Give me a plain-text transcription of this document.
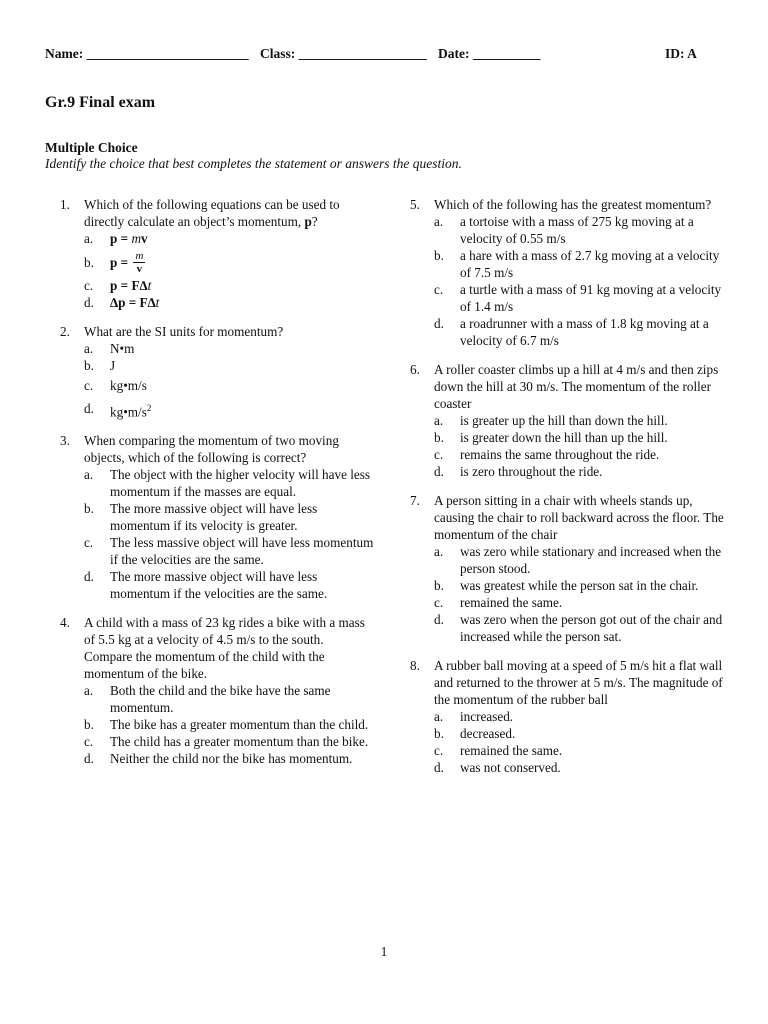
Name: ________________________ Class: ___________________ Date: __________	ID: A
Gr.9 Final exam
Multiple Choice
Identify the choice that best completes the statement or answers the question.
1. Which of the following equations can be used to directly calculate an object’s momentum, p?
a. p = mv
b. $p = \frac{m}{v}$
c. p = F∆t
d. ∆p = F∆t
2. What are the SI units for momentum?
a. N•m
b. J
c. kg•m/s
d. $kg•m/s^2$
3. When comparing the momentum of two moving objects, which of the following is correct?
a. The object with the higher velocity will have less momentum if the masses are equal.
b. The more massive object will have less momentum if its velocity is greater.
c. The less massive object will have less momentum if the velocities are the same.
d. The more massive object will have less momentum if the velocities are the same.
4. A child with a mass of 23 kg rides a bike with a mass of 5.5 kg at a velocity of 4.5 m/s to the south. Compare the momentum of the child with the momentum of the bike.
a. Both the child and the bike have the same momentum.
b. The bike has a greater momentum than the child.
c. The child has a greater momentum than the bike.
d. Neither the child nor the bike has momentum.
5. Which of the following has the greatest momentum?
a. a tortoise with a mass of 275 kg moving at a velocity of 0.55 m/s
b. a hare with a mass of 2.7 kg moving at a velocity of 7.5 m/s
c. a turtle with a mass of 91 kg moving at a velocity of 1.4 m/s
d. a roadrunner with a mass of 1.8 kg moving at a velocity of 6.7 m/s
6. A roller coaster climbs up a hill at 4 m/s and then zips down the hill at 30 m/s. The momentum of the roller coaster
a. is greater up the hill than down the hill.
b. is greater down the hill than up the hill.
c. remains the same throughout the ride.
d. is zero throughout the ride.
7. A person sitting in a chair with wheels stands up, causing the chair to roll backward across the floor. The momentum of the chair
a. was zero while stationary and increased when the person stood.
b. was greatest while the person sat in the chair.
c. remained the same.
d. was zero when the person got out of the chair and increased while the person sat.
8. A rubber ball moving at a speed of 5 m/s hit a flat wall and returned to the thrower at 5 m/s. The magnitude of the momentum of the rubber ball
a. increased.
b. decreased.
c. remained the same.
d. was not conserved.
1
